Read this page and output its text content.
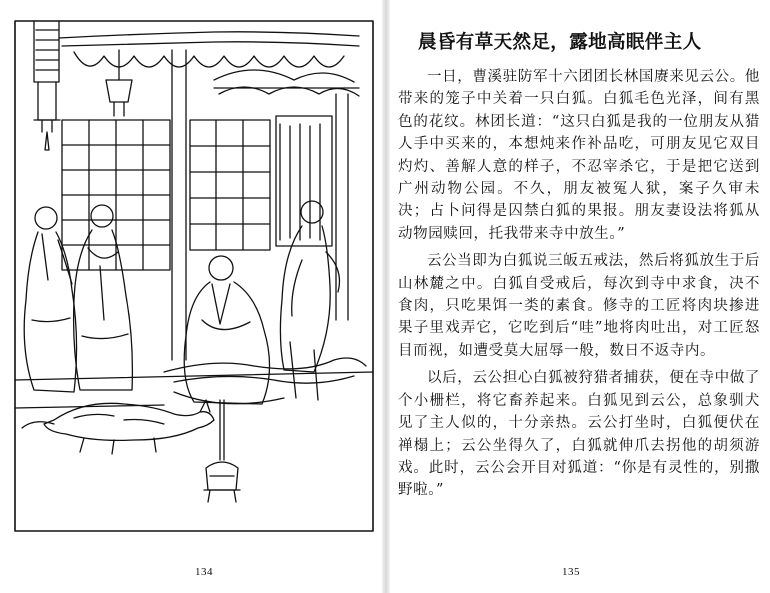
134
晨昏有草天然足，露地高眠伴主人

一日，曹溪驻防军十六团团长林国赓来见云公。他带来的笼子中关着一只白狐。白狐毛色光泽，间有黑色的花纹。林团长道：“这只白狐是我的一位朋友从猎人手中买来的，本想炖来作补品吃，可朋友见它双目灼灼、善解人意的样子，不忍宰杀它，于是把它送到广州动物公园。不久，朋友被冤人狱，案子久审未决；占卜问得是囚禁白狐的果报。朋友妻设法将狐从动物园赎回，托我带来寺中放生。”

云公当即为白狐说三皈五戒法，然后将狐放生于后山林麓之中。白狐自受戒后，每次到寺中求食，决不食肉，只吃果饵一类的素食。修寺的工匠将肉块掺进果子里戏弄它，它吃到后“哇”地将肉吐出，对工匠怒目而视，如遭受莫大屈辱一般，数日不返寺内。

以后，云公担心白狐被狩猎者捕获，便在寺中做了个小栅栏，将它畜养起来。白狐见到云公，总象驯犬见了主人似的，十分亲热。云公打坐时，白狐便伏在禅榻上；云公坐得久了，白狐就伸爪去拐他的胡须游戏。此时，云公会开目对狐道：“你是有灵性的，别撒野啦。”

135
